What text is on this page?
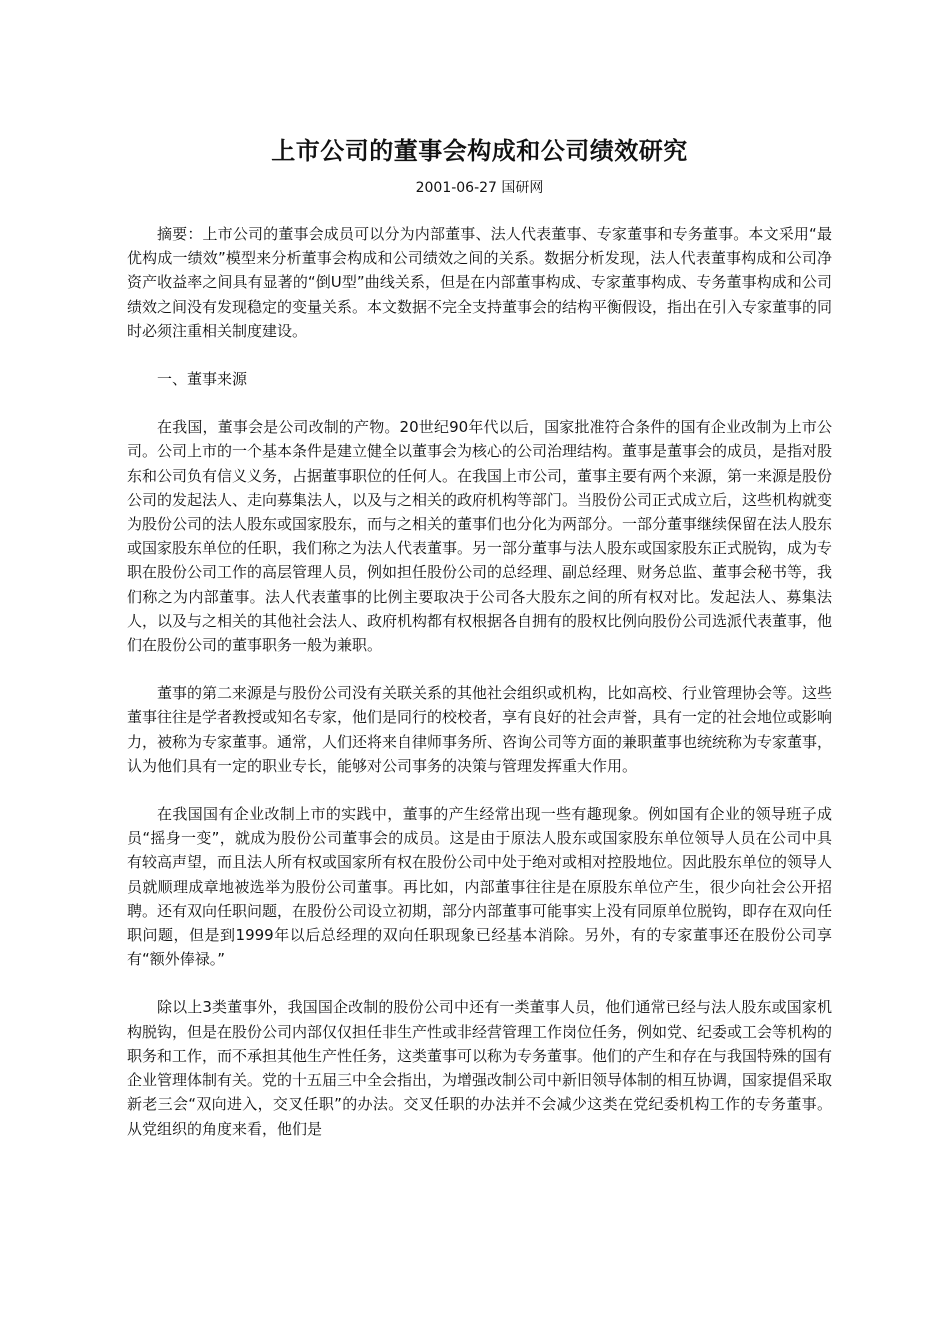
上市公司的董事会构成和公司绩效研究

2001-06-27 国研网

摘要：上市公司的董事会成员可以分为内部董事、法人代表董事、专家董事和专务董事。本文采用“最优构成一绩效”模型来分析董事会构成和公司绩效之间的关系。数据分析发现，法人代表董事构成和公司净资产收益率之间具有显著的“倒U型”曲线关系，但是在内部董事构成、专家董事构成、专务董事构成和公司绩效之间没有发现稳定的变量关系。本文数据不完全支持董事会的结构平衡假设，指出在引入专家董事的同时必须注重相关制度建设。

一、董事来源

在我国，董事会是公司改制的产物。20世纪90年代以后，国家批准符合条件的国有企业改制为上市公司。公司上市的一个基本条件是建立健全以董事会为核心的公司治理结构。董事是董事会的成员，是指对股东和公司负有信义义务，占据董事职位的任何人。在我国上市公司，董事主要有两个来源，第一来源是股份公司的发起法人、走向募集法人，以及与之相关的政府机构等部门。当股份公司正式成立后，这些机构就变为股份公司的法人股东或国家股东，而与之相关的董事们也分化为两部分。一部分董事继续保留在法人股东或国家股东单位的任职，我们称之为法人代表董事。另一部分董事与法人股东或国家股东正式脱钩，成为专职在股份公司工作的高层管理人员，例如担任股份公司的总经理、副总经理、财务总监、董事会秘书等，我们称之为内部董事。法人代表董事的比例主要取决于公司各大股东之间的所有权对比。发起法人、募集法人，以及与之相关的其他社会法人、政府机构都有权根据各自拥有的股权比例向股份公司选派代表董事，他们在股份公司的董事职务一般为兼职。

董事的第二来源是与股份公司没有关联关系的其他社会组织或机构，比如高校、行业管理协会等。这些董事往往是学者教授或知名专家，他们是同行的校校者，享有良好的社会声誉，具有一定的社会地位或影响力，被称为专家董事。通常，人们还将来自律师事务所、咨询公司等方面的兼职董事也统统称为专家董事，认为他们具有一定的职业专长，能够对公司事务的决策与管理发挥重大作用。

在我国国有企业改制上市的实践中，董事的产生经常出现一些有趣现象。例如国有企业的领导班子成员“摇身一变”，就成为股份公司董事会的成员。这是由于原法人股东或国家股东单位领导人员在公司中具有较高声望，而且法人所有权或国家所有权在股份公司中处于绝对或相对控股地位。因此股东单位的领导人员就顺理成章地被选举为股份公司董事。再比如，内部董事往往是在原股东单位产生，很少向社会公开招聘。还有双向任职问题，在股份公司设立初期，部分内部董事可能事实上没有同原单位脱钩，即存在双向任职问题，但是到1999年以后总经理的双向任职现象已经基本消除。另外，有的专家董事还在股份公司享有“额外俸禄。”

除以上3类董事外，我国国企改制的股份公司中还有一类董事人员，他们通常已经与法人股东或国家机构脱钩，但是在股份公司内部仅仅担任非生产性或非经营管理工作岗位任务，例如党、纪委或工会等机构的职务和工作，而不承担其他生产性任务，这类董事可以称为专务董事。他们的产生和存在与我国特殊的国有企业管理体制有关。党的十五届三中全会指出，为增强改制公司中新旧领导体制的相互协调，国家提倡采取新老三会“双向进入，交叉任职”的办法。交叉任职的办法并不会减少这类在党纪委机构工作的专务董事。从党组织的角度来看，他们是
